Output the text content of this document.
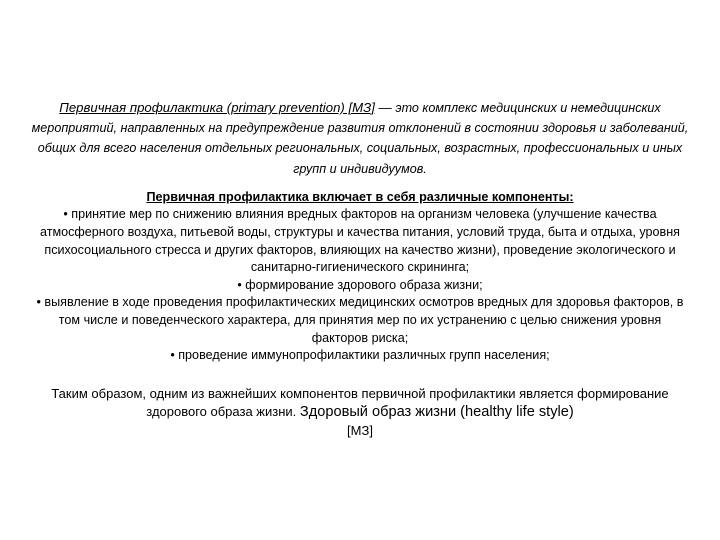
Первичная профилактика (primary prevention) [МЗ] — это комплекс медицинских и немедицинских мероприятий, направленных на предупреждение развития отклонений в состоянии здоровья и заболеваний, общих для всего населения отдельных региональных, социальных, возрастных, профессиональных и иных групп и индивидуумов.

Первичная профилактика включает в себя различные компоненты:
• принятие мер по снижению влияния вредных факторов на организм человека (улучшение качества атмосферного воздуха, питьевой воды, структуры и качества питания, условий труда, быта и отдыха, уровня психосоциального стресса и других факторов, влияющих на качество жизни), проведение экологического и санитарно-гигиенического скрининга;
• формирование здорового образа жизни;
• выявление в ходе проведения профилактических медицинских осмотров вредных для здоровья факторов, в том числе и поведенческого характера, для принятия мер по их устранению с целью снижения уровня факторов риска;
• проведение иммунопрофилактики различных групп населения;

Таким образом, одним из важнейших компонентов первичной профилактики является формирование здорового образа жизни. Здоровый образ жизни (healthy life style)
[МЗ]
